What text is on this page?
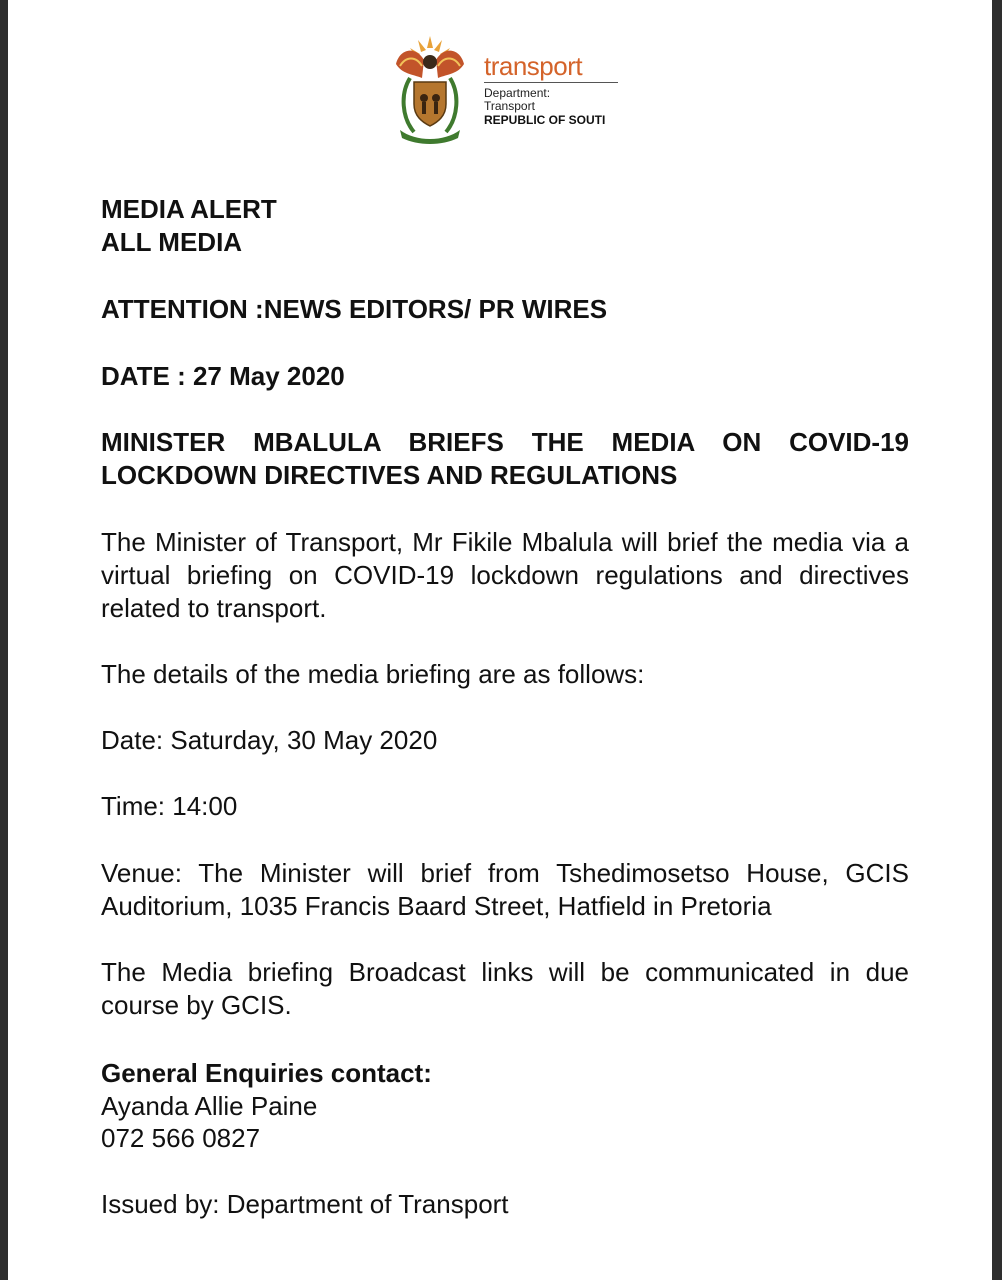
transport
Department:
Transport
REPUBLIC OF SOUTI

MEDIA ALERT

ALL MEDIA

ATTENTION :NEWS EDITORS/ PR WIRES

DATE : 27 May 2020

MINISTER MBALULA BRIEFS THE MEDIA ON COVID-19 LOCKDOWN DIRECTIVES AND REGULATIONS

The Minister of Transport, Mr Fikile Mbalula will brief the media via a virtual briefing on COVID-19 lockdown regulations and directives related to transport.

The details of the media briefing are as follows:

Date: Saturday, 30 May 2020

Time: 14:00

Venue: The Minister will brief from Tshedimosetso House, GCIS Auditorium, 1035 Francis Baard Street, Hatfield in Pretoria

The Media briefing Broadcast links will be communicated in due course by GCIS.

General Enquiries contact:

Ayanda Allie Paine

072 566 0827

Issued by: Department of Transport
